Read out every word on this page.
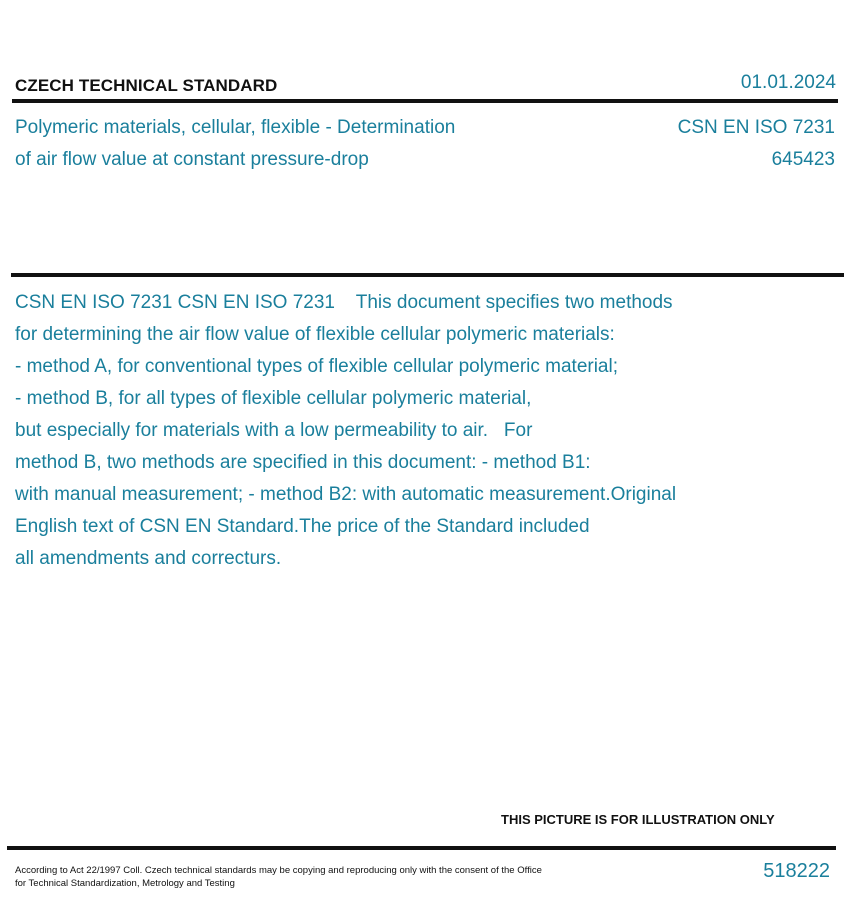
CZECH TECHNICAL STANDARD	01.01.2024
Polymeric materials, cellular, flexible - Determination
of air flow value at constant pressure-drop
CSN EN ISO 7231
645423
CSN EN ISO 7231 CSN EN ISO 7231    This document specifies two methods
for determining the air flow value of flexible cellular polymeric materials:
- method A, for conventional types of flexible cellular polymeric material;
- method B, for all types of flexible cellular polymeric material,
but especially for materials with a low permeability to air.   For
method B, two methods are specified in this document: - method B1:
with manual measurement; - method B2: with automatic measurement.Original
English text of CSN EN Standard.The price of the Standard included
all amendments and correcturs.
THIS PICTURE IS FOR ILLUSTRATION ONLY
According to Act 22/1997 Coll. Czech technical standards may be copying and reproducing only with the consent of the Office
for Technical Standardization, Metrology and Testing
518222
